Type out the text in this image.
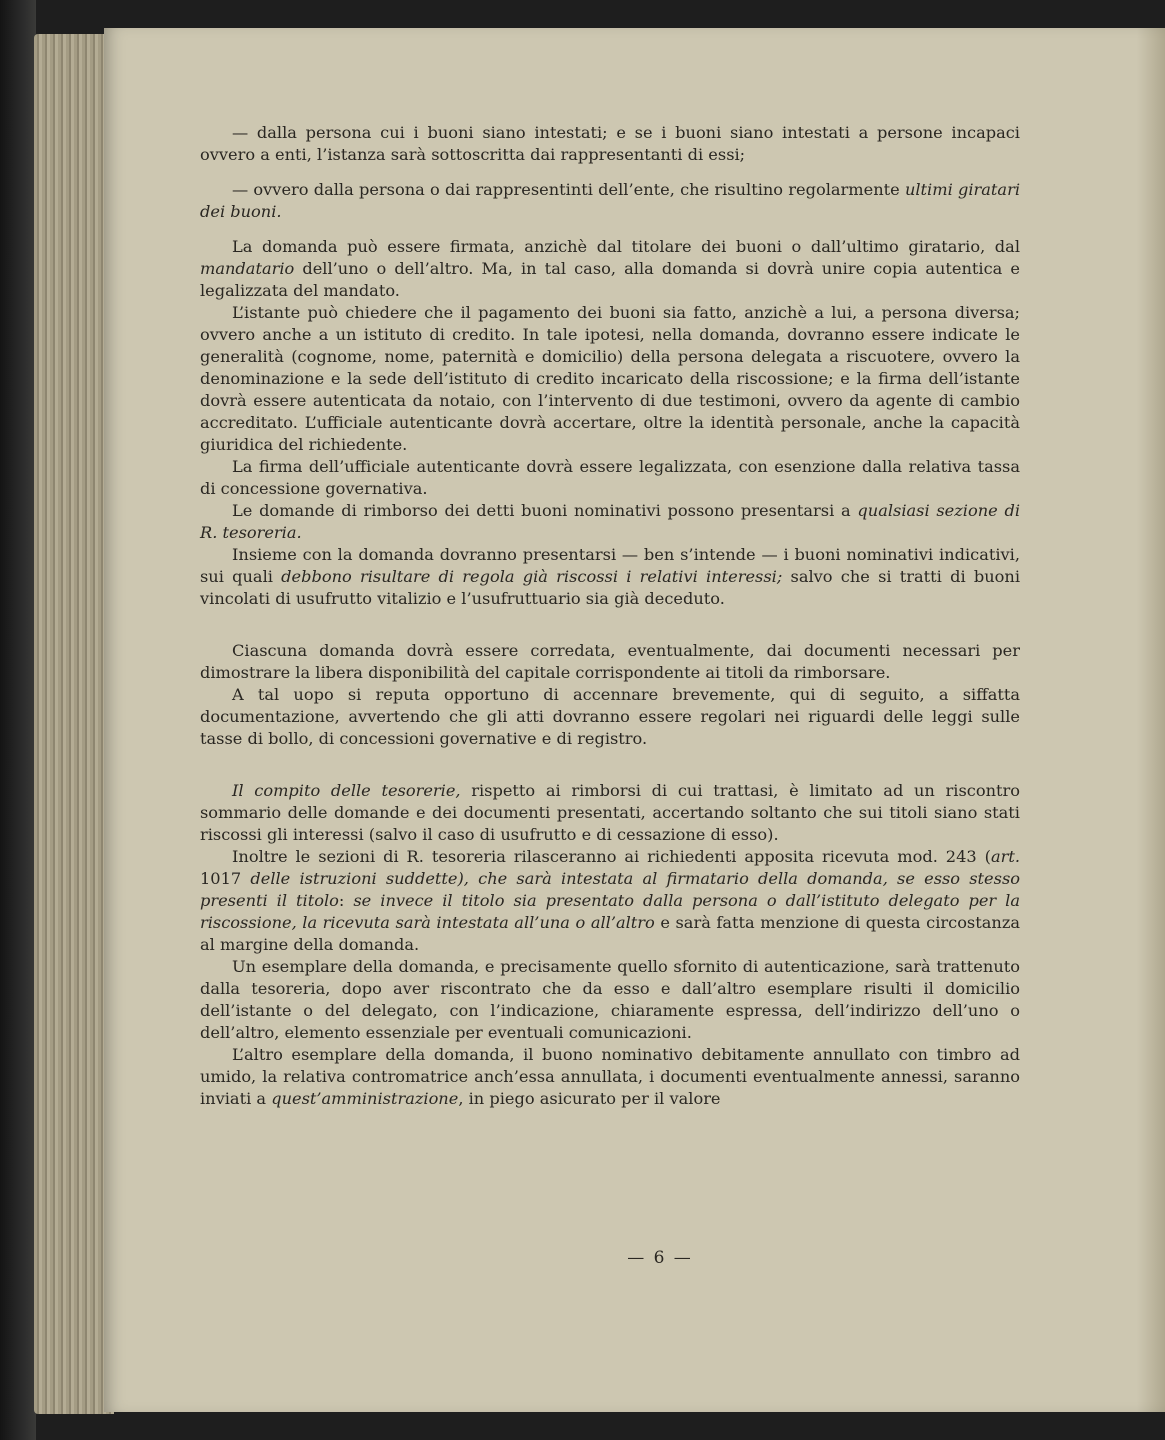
— dalla persona cui i buoni siano intestati; e se i buoni siano intestati a persone incapaci ovvero a enti, l’istanza sarà sottoscritta dai rappresentanti di essi;

— ovvero dalla persona o dai rappresentinti dell’ente, che risultino regolarmente ultimi giratari dei buoni.

La domanda può essere firmata, anzichè dal titolare dei buoni o dall’ultimo giratario, dal mandatario dell’uno o dell’altro. Ma, in tal caso, alla domanda si dovrà unire copia autentica e legalizzata del mandato.

L’istante può chiedere che il pagamento dei buoni sia fatto, anzichè a lui, a persona diversa; ovvero anche a un istituto di credito. In tale ipotesi, nella domanda, dovranno essere indicate le generalità (cognome, nome, paternità e domicilio) della persona delegata a riscuotere, ovvero la denominazione e la sede dell’istituto di credito incaricato della riscossione; e la firma dell’istante dovrà essere autenticata da notaio, con l’intervento di due testimoni, ovvero da agente di cambio accreditato. L’ufficiale autenticante dovrà accertare, oltre la identità personale, anche la capacità giuridica del richiedente.

La firma dell’ufficiale autenticante dovrà essere legalizzata, con esenzione dalla relativa tassa di concessione governativa.

Le domande di rimborso dei detti buoni nominativi possono presentarsi a qualsiasi sezione di R. tesoreria.

Insieme con la domanda dovranno presentarsi — ben s’intende — i buoni nominativi indicativi, sui quali debbono risultare di regola già riscossi i relativi interessi; salvo che si tratti di buoni vincolati di usufrutto vitalizio e l’usufruttuario sia già deceduto.

Ciascuna domanda dovrà essere corredata, eventualmente, dai documenti necessari per dimostrare la libera disponibilità del capitale corrispondente ai titoli da rimborsare.

A tal uopo si reputa opportuno di accennare brevemente, qui di seguito, a siffatta documentazione, avvertendo che gli atti dovranno essere regolari nei riguardi delle leggi sulle tasse di bollo, di concessioni governative e di registro.

Il compito delle tesorerie, rispetto ai rimborsi di cui trattasi, è limitato ad un riscontro sommario delle domande e dei documenti presentati, accertando soltanto che sui titoli siano stati riscossi gli interessi (salvo il caso di usufrutto e di cessazione di esso).

Inoltre le sezioni di R. tesoreria rilasceranno ai richiedenti apposita ricevuta mod. 243 (art. 1017 delle istruzioni suddette), che sarà intestata al firmatario della domanda, se esso stesso presenti il titolo: se invece il titolo sia presentato dalla persona o dall’istituto delegato per la riscossione, la ricevuta sarà intestata all’una o all’altro e sarà fatta menzione di questa circostanza al margine della domanda.

Un esemplare della domanda, e precisamente quello sfornito di autenticazione, sarà trattenuto dalla tesoreria, dopo aver riscontrato che da esso e dall’altro esemplare risulti il domicilio dell’istante o del delegato, con l’indicazione, chiaramente espressa, dell’indirizzo dell’uno o dell’altro, elemento essenziale per eventuali comunicazioni.

L’altro esemplare della domanda, il buono nominativo debitamente annullato con timbro ad umido, la relativa contromatrice anch’essa annullata, i documenti eventualmente annessi, saranno inviati a quest’amministrazione, in piego asicurato per il valore

— 6 —
